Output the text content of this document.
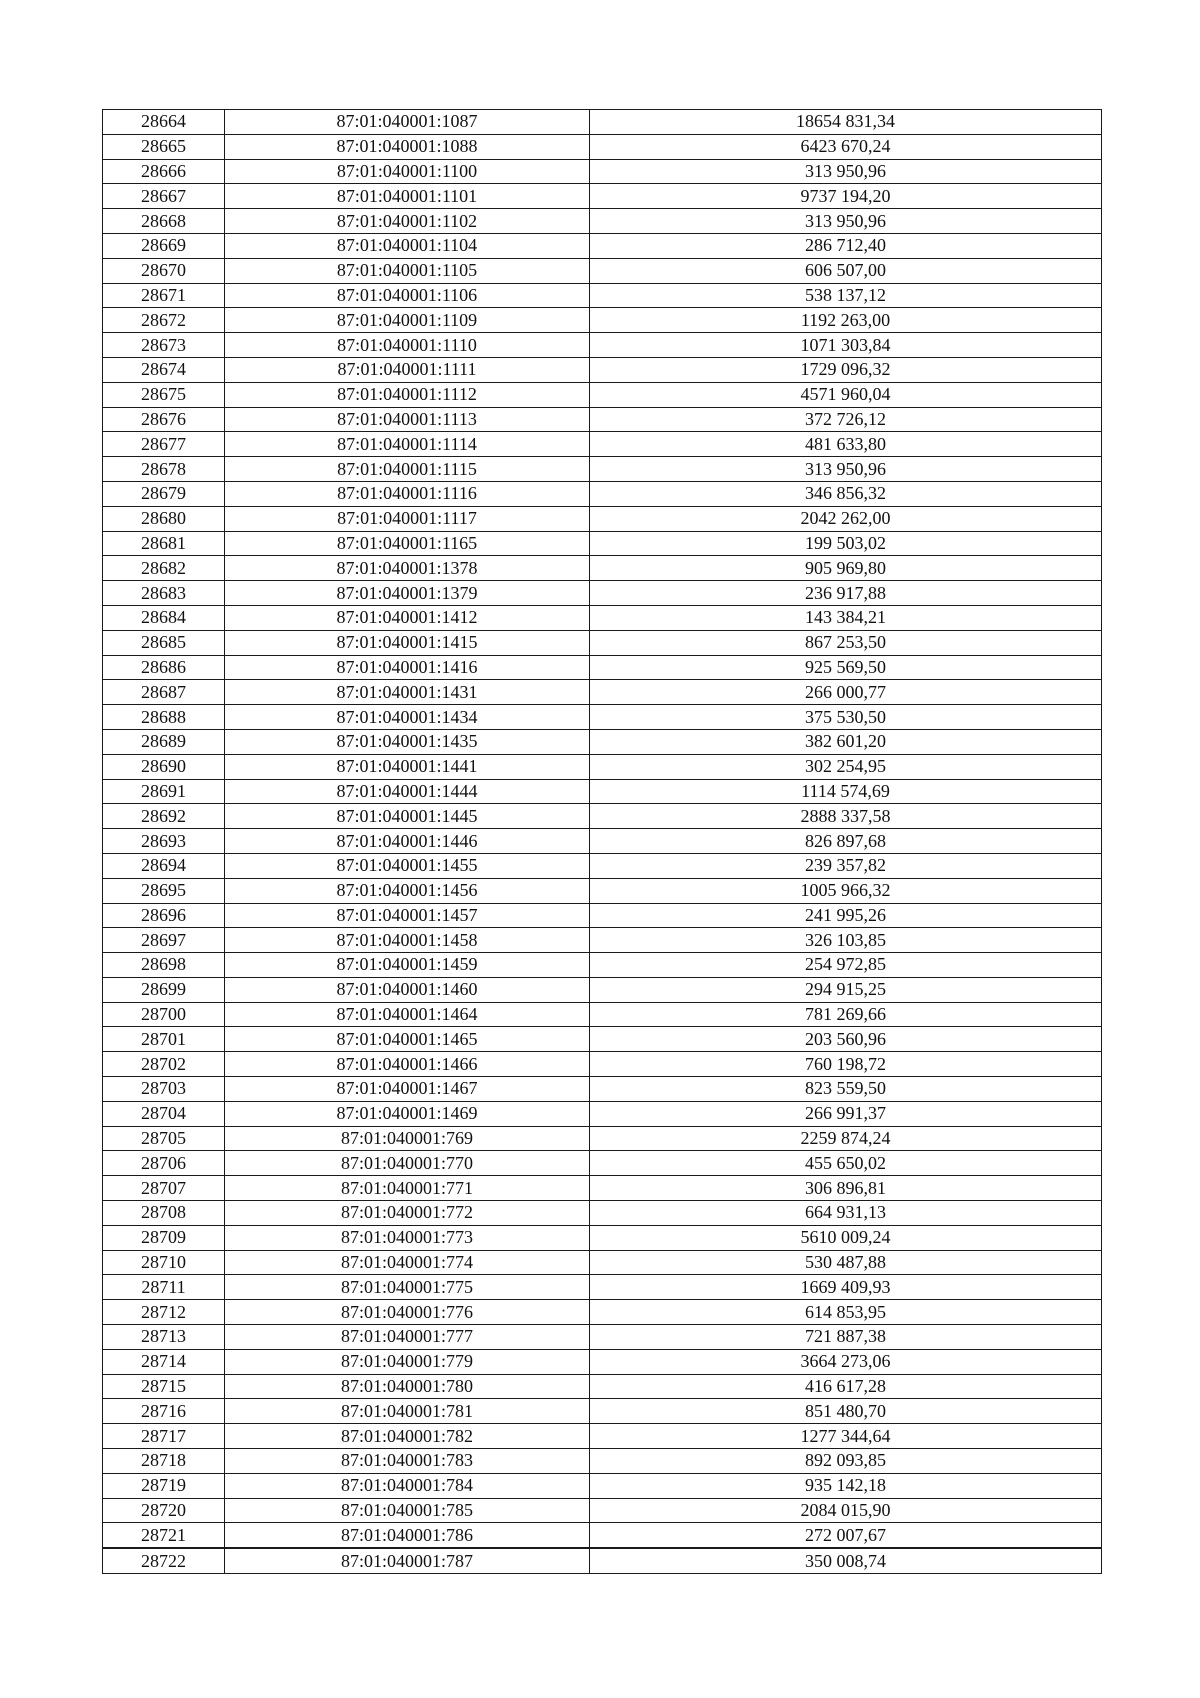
28664	87:01:040001:1087	18654 831,34
28665	87:01:040001:1088	6423 670,24
28666	87:01:040001:1100	313 950,96
28667	87:01:040001:1101	9737 194,20
28668	87:01:040001:1102	313 950,96
28669	87:01:040001:1104	286 712,40
28670	87:01:040001:1105	606 507,00
28671	87:01:040001:1106	538 137,12
28672	87:01:040001:1109	1192 263,00
28673	87:01:040001:1110	1071 303,84
28674	87:01:040001:1111	1729 096,32
28675	87:01:040001:1112	4571 960,04
28676	87:01:040001:1113	372 726,12
28677	87:01:040001:1114	481 633,80
28678	87:01:040001:1115	313 950,96
28679	87:01:040001:1116	346 856,32
28680	87:01:040001:1117	2042 262,00
28681	87:01:040001:1165	199 503,02
28682	87:01:040001:1378	905 969,80
28683	87:01:040001:1379	236 917,88
28684	87:01:040001:1412	143 384,21
28685	87:01:040001:1415	867 253,50
28686	87:01:040001:1416	925 569,50
28687	87:01:040001:1431	266 000,77
28688	87:01:040001:1434	375 530,50
28689	87:01:040001:1435	382 601,20
28690	87:01:040001:1441	302 254,95
28691	87:01:040001:1444	1114 574,69
28692	87:01:040001:1445	2888 337,58
28693	87:01:040001:1446	826 897,68
28694	87:01:040001:1455	239 357,82
28695	87:01:040001:1456	1005 966,32
28696	87:01:040001:1457	241 995,26
28697	87:01:040001:1458	326 103,85
28698	87:01:040001:1459	254 972,85
28699	87:01:040001:1460	294 915,25
28700	87:01:040001:1464	781 269,66
28701	87:01:040001:1465	203 560,96
28702	87:01:040001:1466	760 198,72
28703	87:01:040001:1467	823 559,50
28704	87:01:040001:1469	266 991,37
28705	87:01:040001:769	2259 874,24
28706	87:01:040001:770	455 650,02
28707	87:01:040001:771	306 896,81
28708	87:01:040001:772	664 931,13
28709	87:01:040001:773	5610 009,24
28710	87:01:040001:774	530 487,88
28711	87:01:040001:775	1669 409,93
28712	87:01:040001:776	614 853,95
28713	87:01:040001:777	721 887,38
28714	87:01:040001:779	3664 273,06
28715	87:01:040001:780	416 617,28
28716	87:01:040001:781	851 480,70
28717	87:01:040001:782	1277 344,64
28718	87:01:040001:783	892 093,85
28719	87:01:040001:784	935 142,18
28720	87:01:040001:785	2084 015,90
28721	87:01:040001:786	272 007,67
28722	87:01:040001:787	350 008,74
